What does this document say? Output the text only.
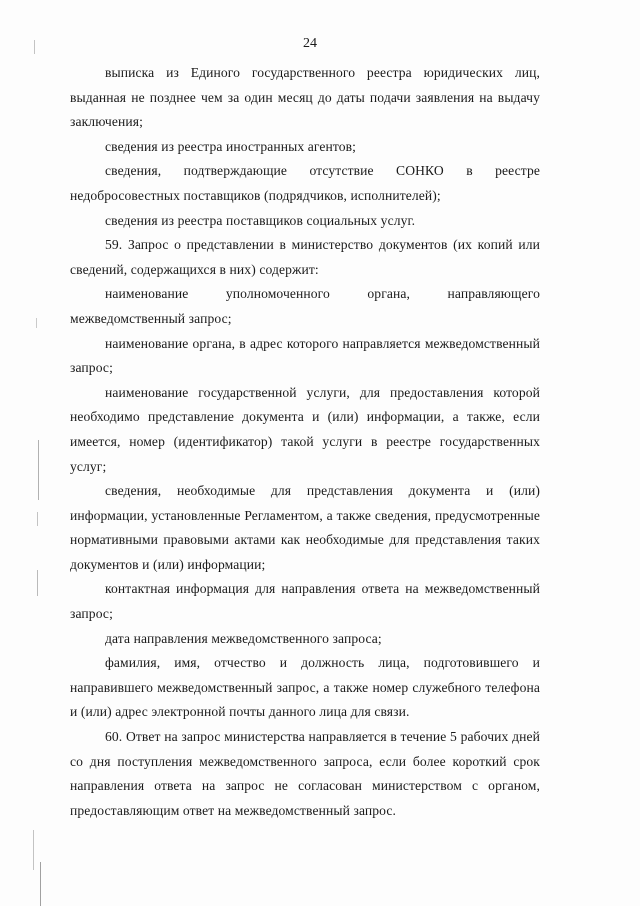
24

выписка из Единого государственного реестра юридических лиц, выданная не позднее чем за один месяц до даты подачи заявления на выдачу заключения;

сведения из реестра иностранных агентов;

сведения, подтверждающие отсутствие СОНКО в реестре недобросовестных поставщиков (подрядчиков, исполнителей);

сведения из реестра поставщиков социальных услуг.

59. Запрос о представлении в министерство документов (их копий или сведений, содержащихся в них) содержит:

наименование уполномоченного органа, направляющего межведомственный запрос;

наименование органа, в адрес которого направляется межведомственный запрос;

наименование государственной услуги, для предоставления которой необходимо представление документа и (или) информации, а также, если имеется, номер (идентификатор) такой услуги в реестре государственных услуг;

сведения, необходимые для представления документа и (или) информации, установленные Регламентом, а также сведения, предусмотренные нормативными правовыми актами как необходимые для представления таких документов и (или) информации;

контактная информация для направления ответа на межведомственный запрос;

дата направления межведомственного запроса;

фамилия, имя, отчество и должность лица, подготовившего и направившего межведомственный запрос, а также номер служебного телефона и (или) адрес электронной почты данного лица для связи.

60. Ответ на запрос министерства направляется в течение 5 рабочих дней со дня поступления межведомственного запроса, если более короткий срок направления ответа на запрос не согласован министерством с органом, предоставляющим ответ на межведомственный запрос.
